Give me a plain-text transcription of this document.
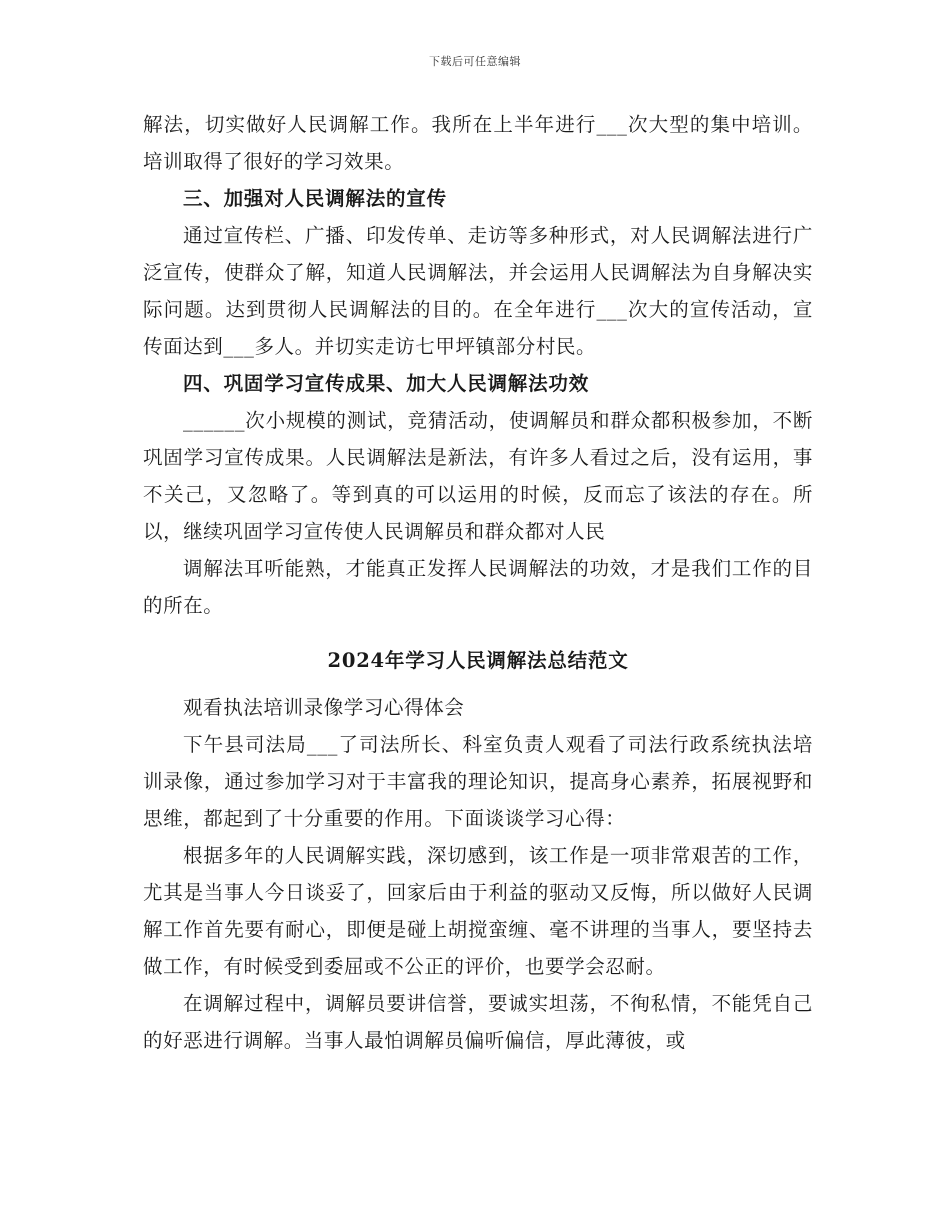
下载后可任意编辑

解法，切实做好人民调解工作。我所在上半年进行___次大型的集中培训。培训取得了很好的学习效果。

三、加强对人民调解法的宣传

通过宣传栏、广播、印发传单、走访等多种形式，对人民调解法进行广泛宣传，使群众了解，知道人民调解法，并会运用人民调解法为自身解决实际问题。达到贯彻人民调解法的目的。在全年进行___次大的宣传活动，宣传面达到___多人。并切实走访七甲坪镇部分村民。

四、巩固学习宣传成果、加大人民调解法功效

______次小规模的测试，竞猜活动，使调解员和群众都积极参加，不断巩固学习宣传成果。人民调解法是新法，有许多人看过之后，没有运用，事不关己，又忽略了。等到真的可以运用的时候，反而忘了该法的存在。所以，继续巩固学习宣传使人民调解员和群众都对人民

调解法耳听能熟，才能真正发挥人民调解法的功效，才是我们工作的目的所在。

2024年学习人民调解法总结范文

观看执法培训录像学习心得体会

下午县司法局___了司法所长、科室负责人观看了司法行政系统执法培训录像，通过参加学习对于丰富我的理论知识，提高身心素养，拓展视野和思维，都起到了十分重要的作用。下面谈谈学习心得：

根据多年的人民调解实践，深切感到，该工作是一项非常艰苦的工作，尤其是当事人今日谈妥了，回家后由于利益的驱动又反悔，所以做好人民调解工作首先要有耐心，即便是碰上胡搅蛮缠、毫不讲理的当事人，要坚持去做工作，有时候受到委屈或不公正的评价，也要学会忍耐。

在调解过程中，调解员要讲信誉，要诚实坦荡，不徇私情，不能凭自己的好恶进行调解。当事人最怕调解员偏听偏信，厚此薄彼，或
